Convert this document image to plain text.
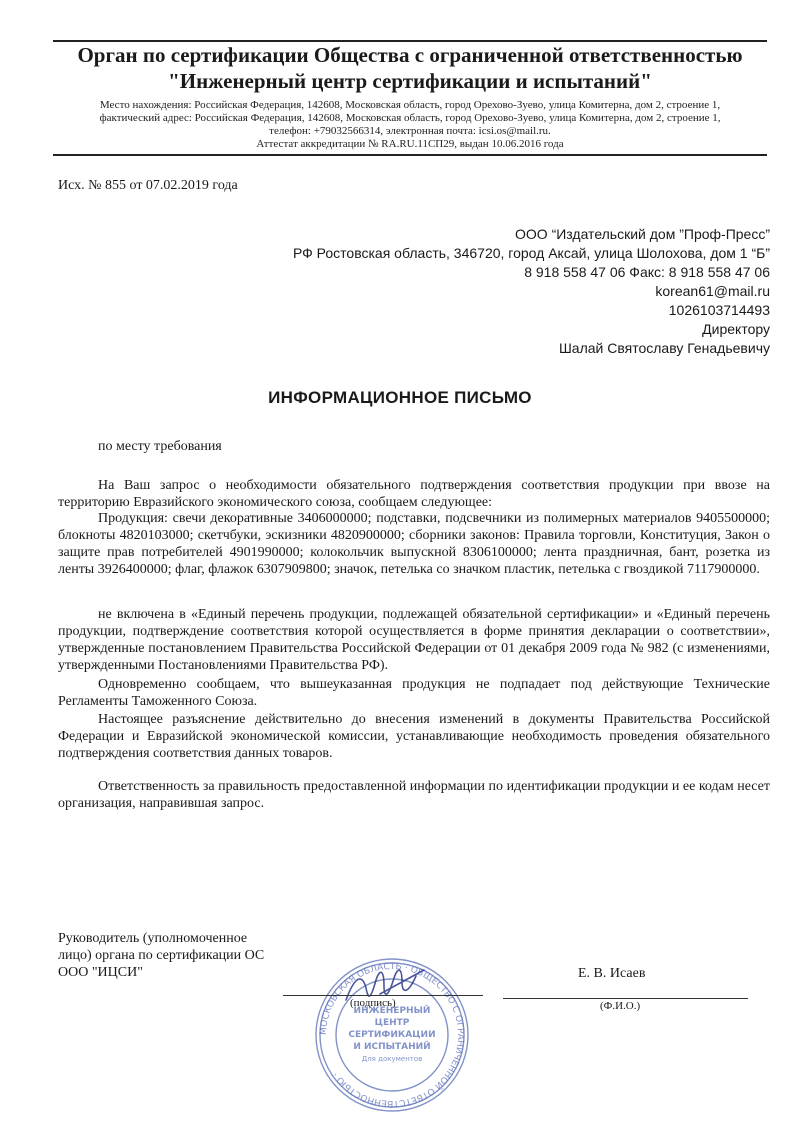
Орган по сертификации Общества с ограниченной ответственностью
"Инженерный центр сертификации и испытаний"
Место нахождения: Российская Федерация, 142608, Московская область, город Орехово-Зуево, улица Комитерна, дом 2, строение 1,
фактический адрес: Российская Федерация, 142608, Московская область, город Орехово-Зуево, улица Комитерна, дом 2, строение 1,
телефон: +79032566314, электронная почта: icsi.os@mail.ru.
Аттестат аккредитации № RA.RU.11СП29, выдан 10.06.2016 года
Исх. № 855 от 07.02.2019 года
ООО “Издательский дом ”Проф-Пресс”
РФ Ростовская область, 346720, город Аксай, улица Шолохова, дом 1 “Б”
8 918 558 47 06 Факс: 8 918 558 47 06
korean61@mail.ru
1026103714493
Директору
Шалай Святославу Генадьевичу
ИНФОРМАЦИОННОЕ ПИСЬМО
по месту требования
На Ваш запрос о необходимости обязательного подтверждения соответствия продукции при ввозе на территорию Евразийского экономического союза, сообщаем следующее:
Продукция: свечи декоративные 3406000000; подставки, подсвечники из полимерных материалов 9405500000; блокноты 4820103000; скетчбуки, эскизники 4820900000; сборники законов: Правила торговли, Конституция, Закон о защите прав потребителей 4901990000; колокольчик выпускной 8306100000; лента праздничная, бант, розетка из ленты 3926400000; флаг, флажок 6307909800; значок, петелька со значком пластик, петелька с гвоздикой 7117900000.
не включена в «Единый перечень продукции, подлежащей обязательной сертификации» и «Единый перечень продукции, подтверждение соответствия которой осуществляется в форме принятия декларации о соответствии», утвержденные постановлением Правительства Российской Федерации от 01 декабря 2009 года № 982 (с изменениями, утвержденными Постановлениями Правительства РФ).
Одновременно сообщаем, что вышеуказанная продукция не подпадает под действующие Технические Регламенты Таможенного Союза.
Настоящее разъяснение действительно до внесения изменений в документы Правительства Российской Федерации и Евразийской экономической комиссии, устанавливающие необходимость проведения обязательного подтверждения соответствия данных товаров.
Ответственность за правильность предоставленной информации по идентификации продукции и ее кодам несет организация, направившая запрос.
Руководитель (уполномоченное
лицо) органа по сертификации ОС
ООО "ИЦСИ"
МОСКОВСКАЯ ОБЛАСТЬ · ОБЩЕСТВО С ОГРАНИЧЕННОЙ ОТВЕТСТВЕННОСТЬЮ ·
ИНЖЕНЕРНЫЙ
ЦЕНТР
СЕРТИФИКАЦИИ
И ИСПЫТАНИЙ
Для документов
(подпись)
Е. В. Исаев
(Ф.И.О.)
